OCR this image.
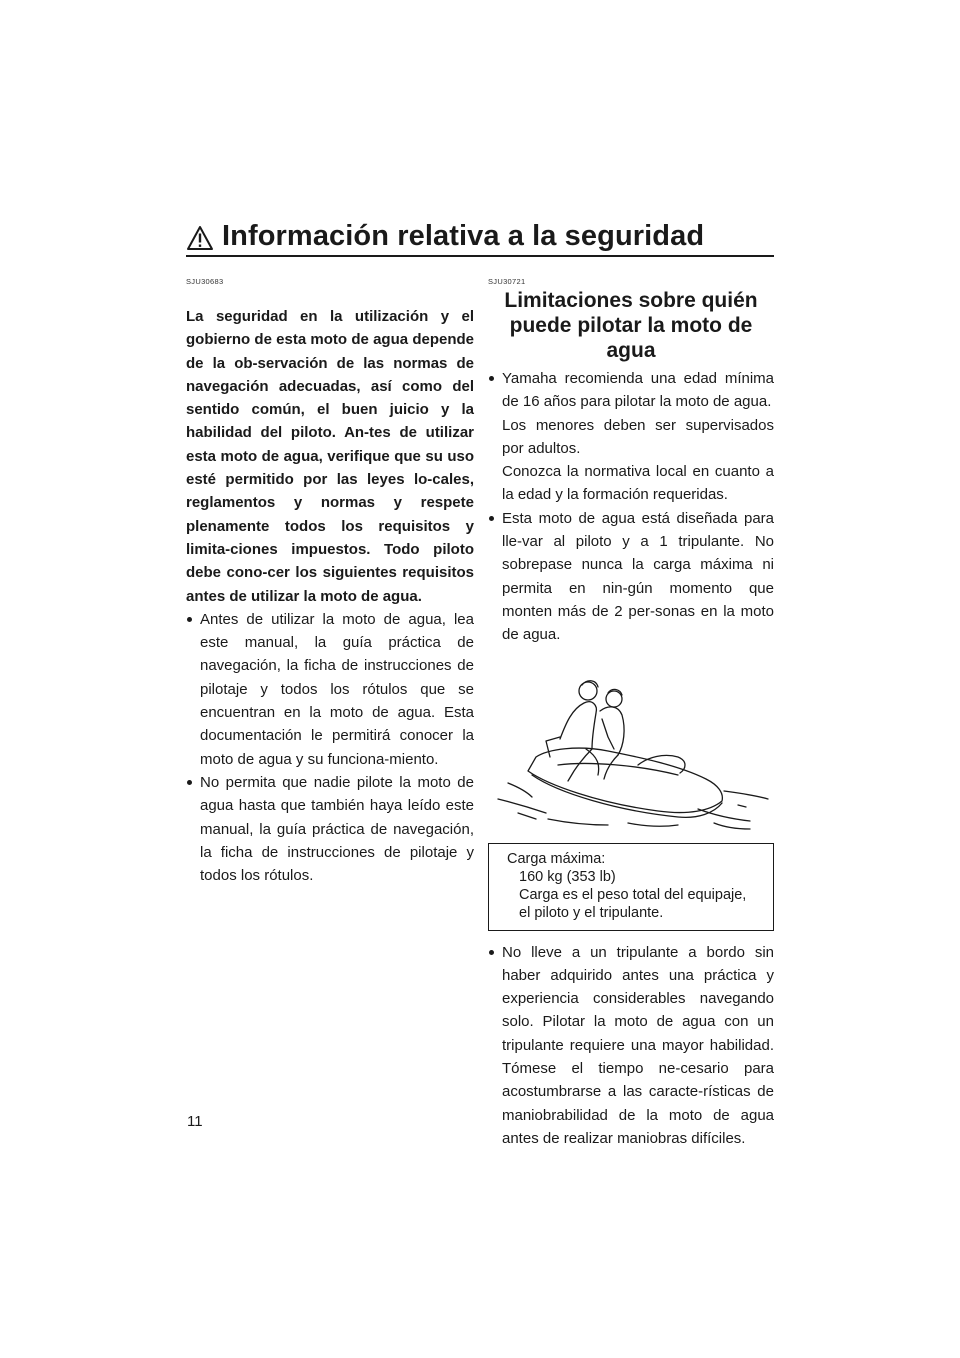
Información relativa a la seguridad
SJU30683
La seguridad en la utilización y el gobierno de esta moto de agua depende de la ob-servación de las normas de navegación adecuadas, así como del sentido común, el buen juicio y la habilidad del piloto. An-tes de utilizar esta moto de agua, verifique que su uso esté permitido por las leyes lo-cales, reglamentos y normas y respete plenamente todos los requisitos y limita-ciones impuestos. Todo piloto debe cono-cer los siguientes requisitos antes de utilizar la moto de agua.
Antes de utilizar la moto de agua, lea este manual, la guía práctica de navegación, la ficha de instrucciones de pilotaje y todos los rótulos que se encuentran en la moto de agua. Esta documentación le permitirá conocer la moto de agua y su funciona-miento.
No permita que nadie pilote la moto de agua hasta que también haya leído este manual, la guía práctica de navegación, la ficha de instrucciones de pilotaje y todos los rótulos.
SJU30721
Limitaciones sobre quién
puede pilotar la moto de agua

Yamaha recomienda una edad mínima de 16 años para pilotar la moto de agua.

Los menores deben ser supervisados por adultos.

Conozca la normativa local en cuanto a la edad y la formación requeridas.

Esta moto de agua está diseñada para lle-var al piloto y a 1 tripulante. No sobrepase nunca la carga máxima ni permita en nin-gún momento que monten más de 2 per-sonas en la moto de agua.
Carga máxima:
160 kg (353 lb)
Carga es el peso total del equipaje, el piloto y el tripulante.
No lleve a un tripulante a bordo sin haber adquirido antes una práctica y experiencia considerables navegando solo. Pilotar la moto de agua con un tripulante requiere una mayor habilidad. Tómese el tiempo ne-cesario para acostumbrarse a las caracte-rísticas de maniobrabilidad de la moto de agua antes de realizar maniobras difíciles.
11
